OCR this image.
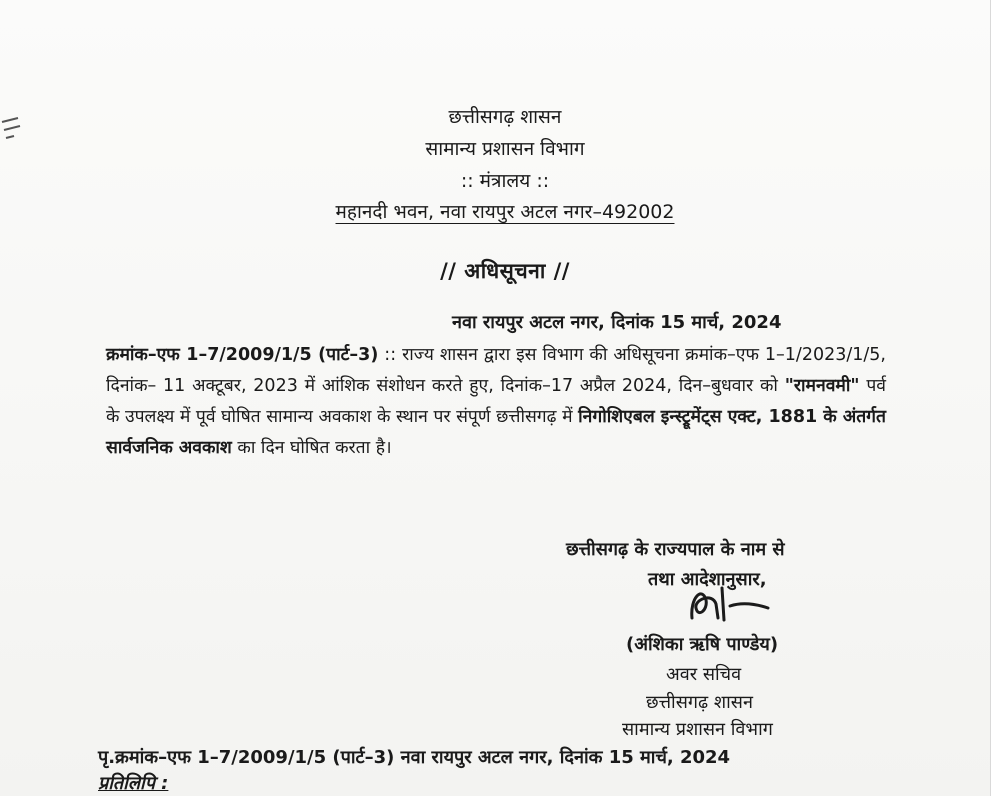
छत्तीसगढ़ शासन
सामान्य प्रशासन विभाग
:: मंत्रालय ::
महानदी भवन, नवा रायपुर अटल नगर–492002
// अधिसूचना //
नवा रायपुर अटल नगर, दिनांक 15 मार्च, 2024
क्रमांक–एफ 1–7/2009/1/5 (पार्ट–3) :: राज्य शासन द्वारा इस विभाग की अधिसूचना क्रमांक–एफ 1–1/2023/1/5, दिनांक– 11 अक्टूबर, 2023 में आंशिक संशोधन करते हुए, दिनांक–17 अप्रैल 2024, दिन–बुधवार को "रामनवमी" पर्व के उपलक्ष्य में पूर्व घोषित सामान्य अवकाश के स्थान पर संपूर्ण छत्तीसगढ़ में निगोशिएबल इन्स्ट्रूमेंट्स एक्ट, 1881 के अंतर्गत सार्वजनिक अवकाश का दिन घोषित करता है।
छत्तीसगढ़ के राज्यपाल के नाम से
तथा आदेशानुसार,
(अंशिका ऋषि पाण्डेय)
अवर सचिव
छत्तीसगढ़ शासन
सामान्य प्रशासन विभाग
पृ.क्रमांक–एफ 1–7/2009/1/5 (पार्ट–3) नवा रायपुर अटल नगर, दिनांक 15 मार्च, 2024
प्रतिलिपि :
